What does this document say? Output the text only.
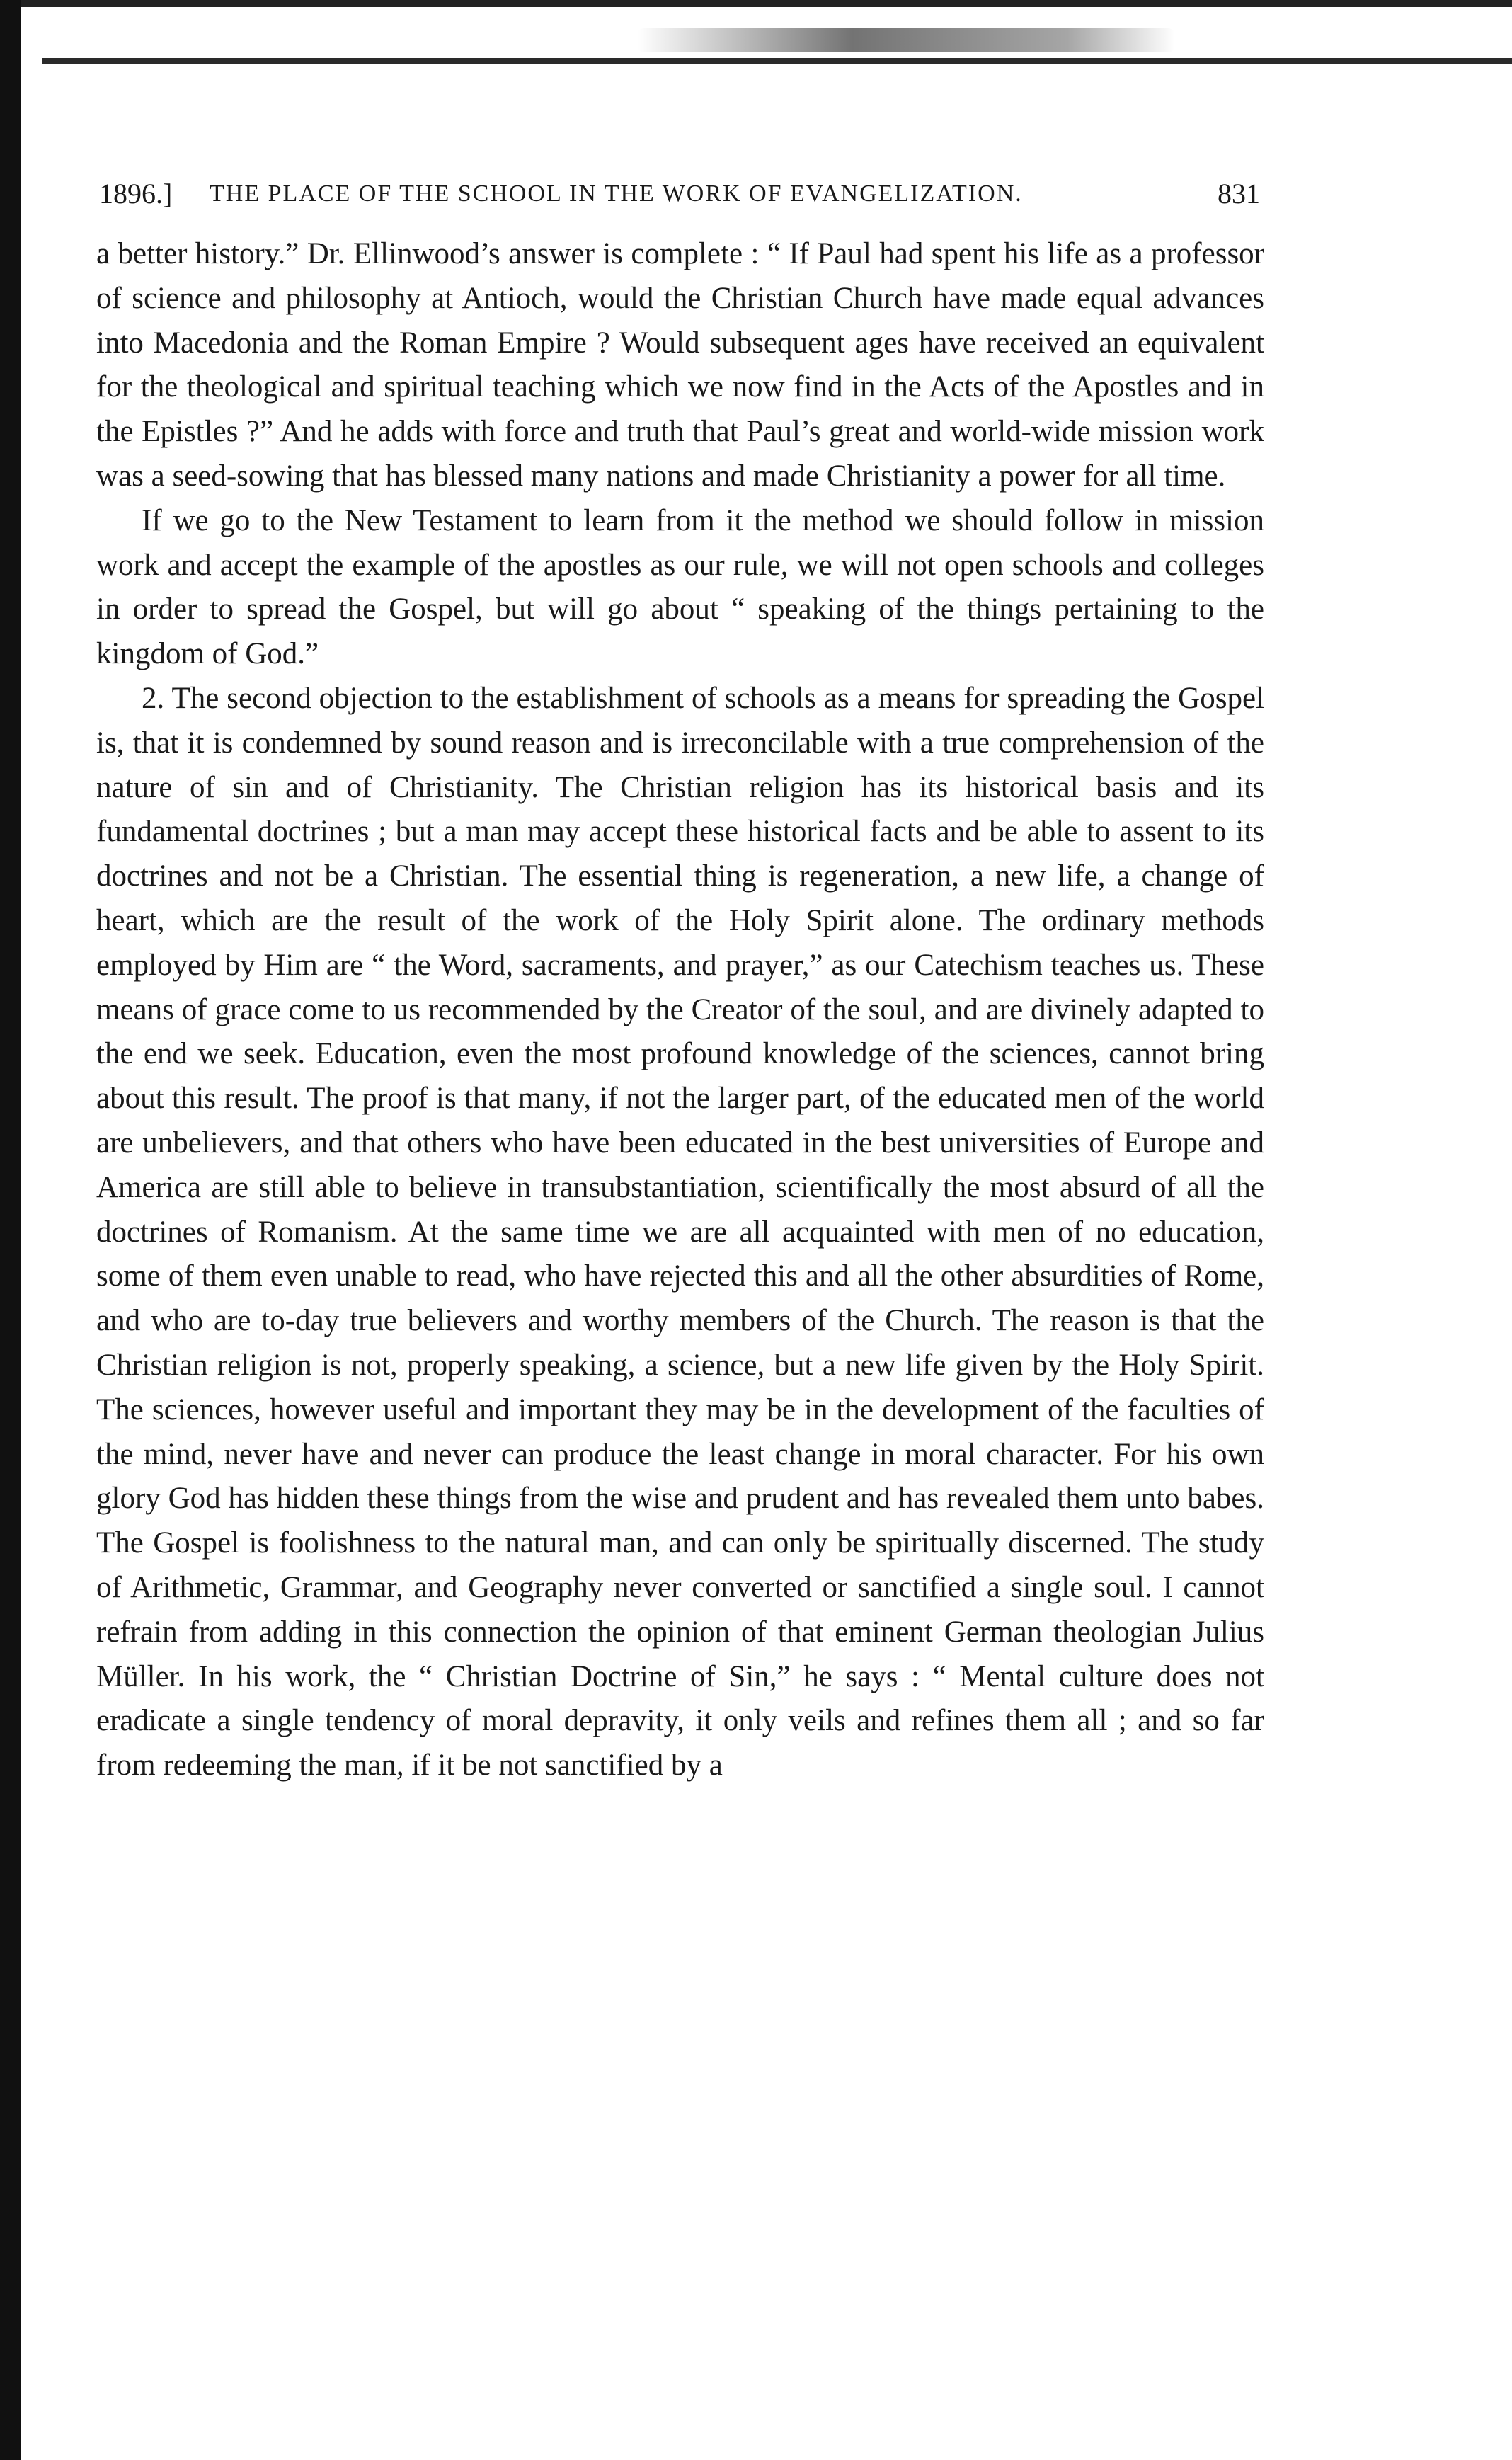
1896.] THE PLACE OF THE SCHOOL IN THE WORK OF EVANGELIZATION.	831

a better history.” Dr. Ellinwood’s answer is complete : “ If Paul had spent his life as a professor of science and philosophy at Antioch, would the Christian Church have made equal advances into Macedonia and the Roman Empire ? Would subsequent ages have received an equivalent for the theological and spiritual teaching which we now find in the Acts of the Apostles and in the Epistles ?” And he adds with force and truth that Paul’s great and world-wide mission work was a seed-sowing that has blessed many nations and made Christianity a power for all time.

If we go to the New Testament to learn from it the method we should follow in mission work and accept the example of the apostles as our rule, we will not open schools and colleges in order to spread the Gospel, but will go about “ speaking of the things pertaining to the kingdom of God.”

2. The second objection to the establishment of schools as a means for spreading the Gospel is, that it is condemned by sound reason and is irreconcilable with a true comprehension of the nature of sin and of Christianity. The Christian religion has its historical basis and its fundamental doctrines ; but a man may accept these historical facts and be able to assent to its doctrines and not be a Christian. The essential thing is regeneration, a new life, a change of heart, which are the result of the work of the Holy Spirit alone. The ordinary methods employed by Him are “ the Word, sacraments, and prayer,” as our Catechism teaches us. These means of grace come to us recommended by the Creator of the soul, and are divinely adapted to the end we seek. Education, even the most profound knowledge of the sciences, cannot bring about this result. The proof is that many, if not the larger part, of the educated men of the world are unbelievers, and that others who have been educated in the best universities of Europe and America are still able to believe in transubstantiation, scientifically the most absurd of all the doctrines of Romanism. At the same time we are all acquainted with men of no education, some of them even unable to read, who have rejected this and all the other absurdities of Rome, and who are to-day true believers and worthy members of the Church. The reason is that the Christian religion is not, properly speaking, a science, but a new life given by the Holy Spirit. The sciences, however useful and important they may be in the development of the faculties of the mind, never have and never can produce the least change in moral character. For his own glory God has hidden these things from the wise and prudent and has revealed them unto babes. The Gospel is foolishness to the natural man, and can only be spiritually discerned. The study of Arithmetic, Grammar, and Geography never converted or sanctified a single soul. I cannot refrain from adding in this connection the opinion of that eminent German theologian Julius Müller. In his work, the “ Christian Doctrine of Sin,” he says : “ Mental culture does not eradicate a single tendency of moral depravity, it only veils and refines them all ; and so far from redeeming the man, if it be not sanctified by a
